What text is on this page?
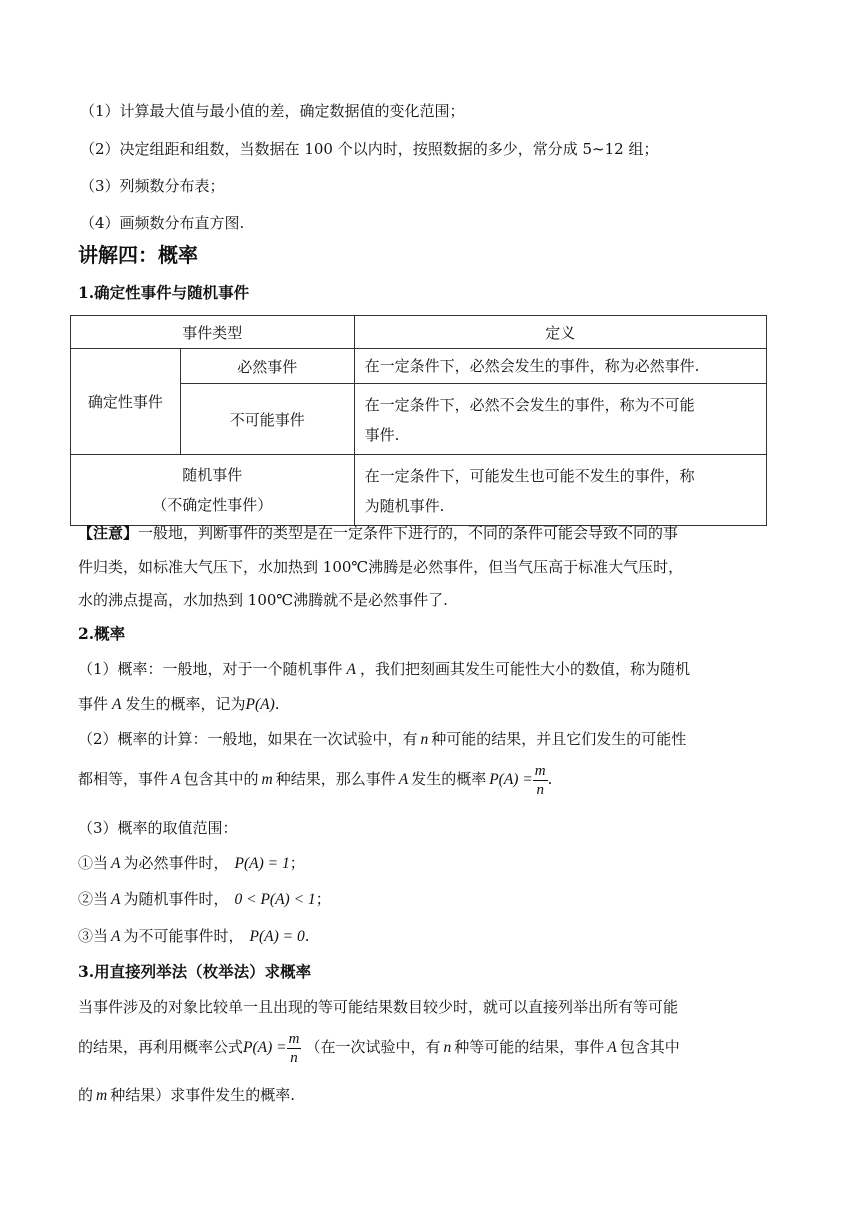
（1）计算最大值与最小值的差，确定数据值的变化范围；
（2）决定组距和组数，当数据在 100 个以内时，按照数据的多少，常分成 5~12 组；
（3）列频数分布表；
（4）画频数分布直方图.
讲解四：概率
1.确定性事件与随机事件
事件类型		定义
确定性事件	必然事件	在一定条件下，必然会发生的事件，称为必然事件.
	不可能事件	在一定条件下，必然不会发生的事件，称为不可能
事件.
随机事件
（不确定性事件）		在一定条件下，可能发生也可能不发生的事件，称
为随机事件.
【注意】一般地，判断事件的类型是在一定条件下进行的，不同的条件可能会导致不同的事
件归类，如标准大气压下，水加热到 100℃沸腾是必然事件，但当气压高于标准大气压时，
水的沸点提高，水加热到 100℃沸腾就不是必然事件了.
2.概率
（1）概率：一般地，对于一个随机事件 A ，我们把刻画其发生可能性大小的数值，称为随机
事件 A 发生的概率，记为P(A).
（2）概率的计算：一般地，如果在一次试验中，有 n 种可能的结果，并且它们发生的可能性
都相等，事件 A 包含其中的 m 种结果，那么事件 A 发生的概率 $P(A) = \frac{m}{n}$ .
（3）概率的取值范围：
①当 A 为必然事件时， P(A) = 1；
②当 A 为随机事件时， 0 < P(A) < 1；
③当 A 为不可能事件时， P(A) = 0.
3.用直接列举法（枚举法）求概率
当事件涉及的对象比较单一且出现的等可能结果数目较少时，就可以直接列举出所有等可能
的结果，再利用概率公式$P(A) = \frac{m}{n}$ （在一次试验中，有 n 种等可能的结果，事件 A 包含其中
的 m 种结果）求事件发生的概率.
